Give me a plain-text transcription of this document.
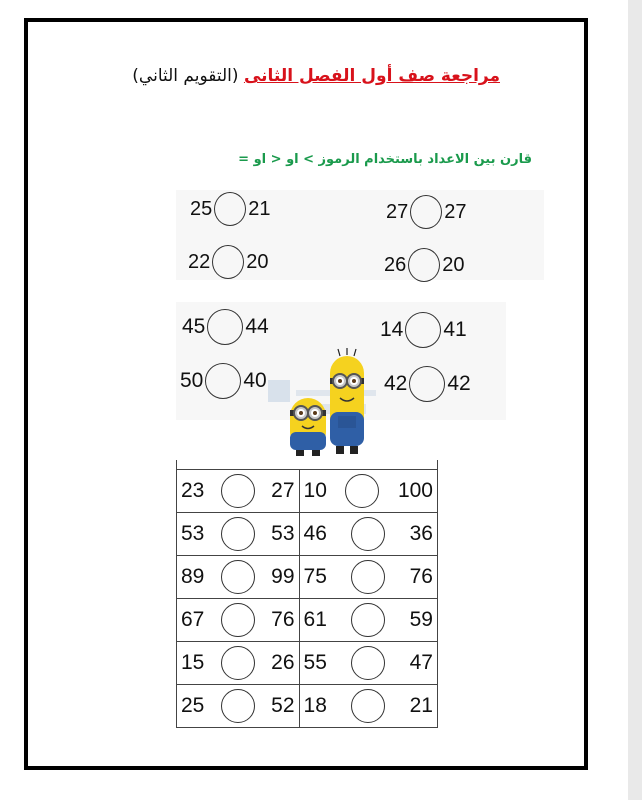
مراجعة صف أول الفصل الثانى (التقويم الثاني)
قارن بين الاعداد باستخدام الرموز > او < او =
25 21	27 27
22 20	26 20
45 44	14 41
50 40	42 42
23 27	10 100

53 53	46 36

89 99	75 76

67 76	61 59

15 26	55 47

25 52	18 21
